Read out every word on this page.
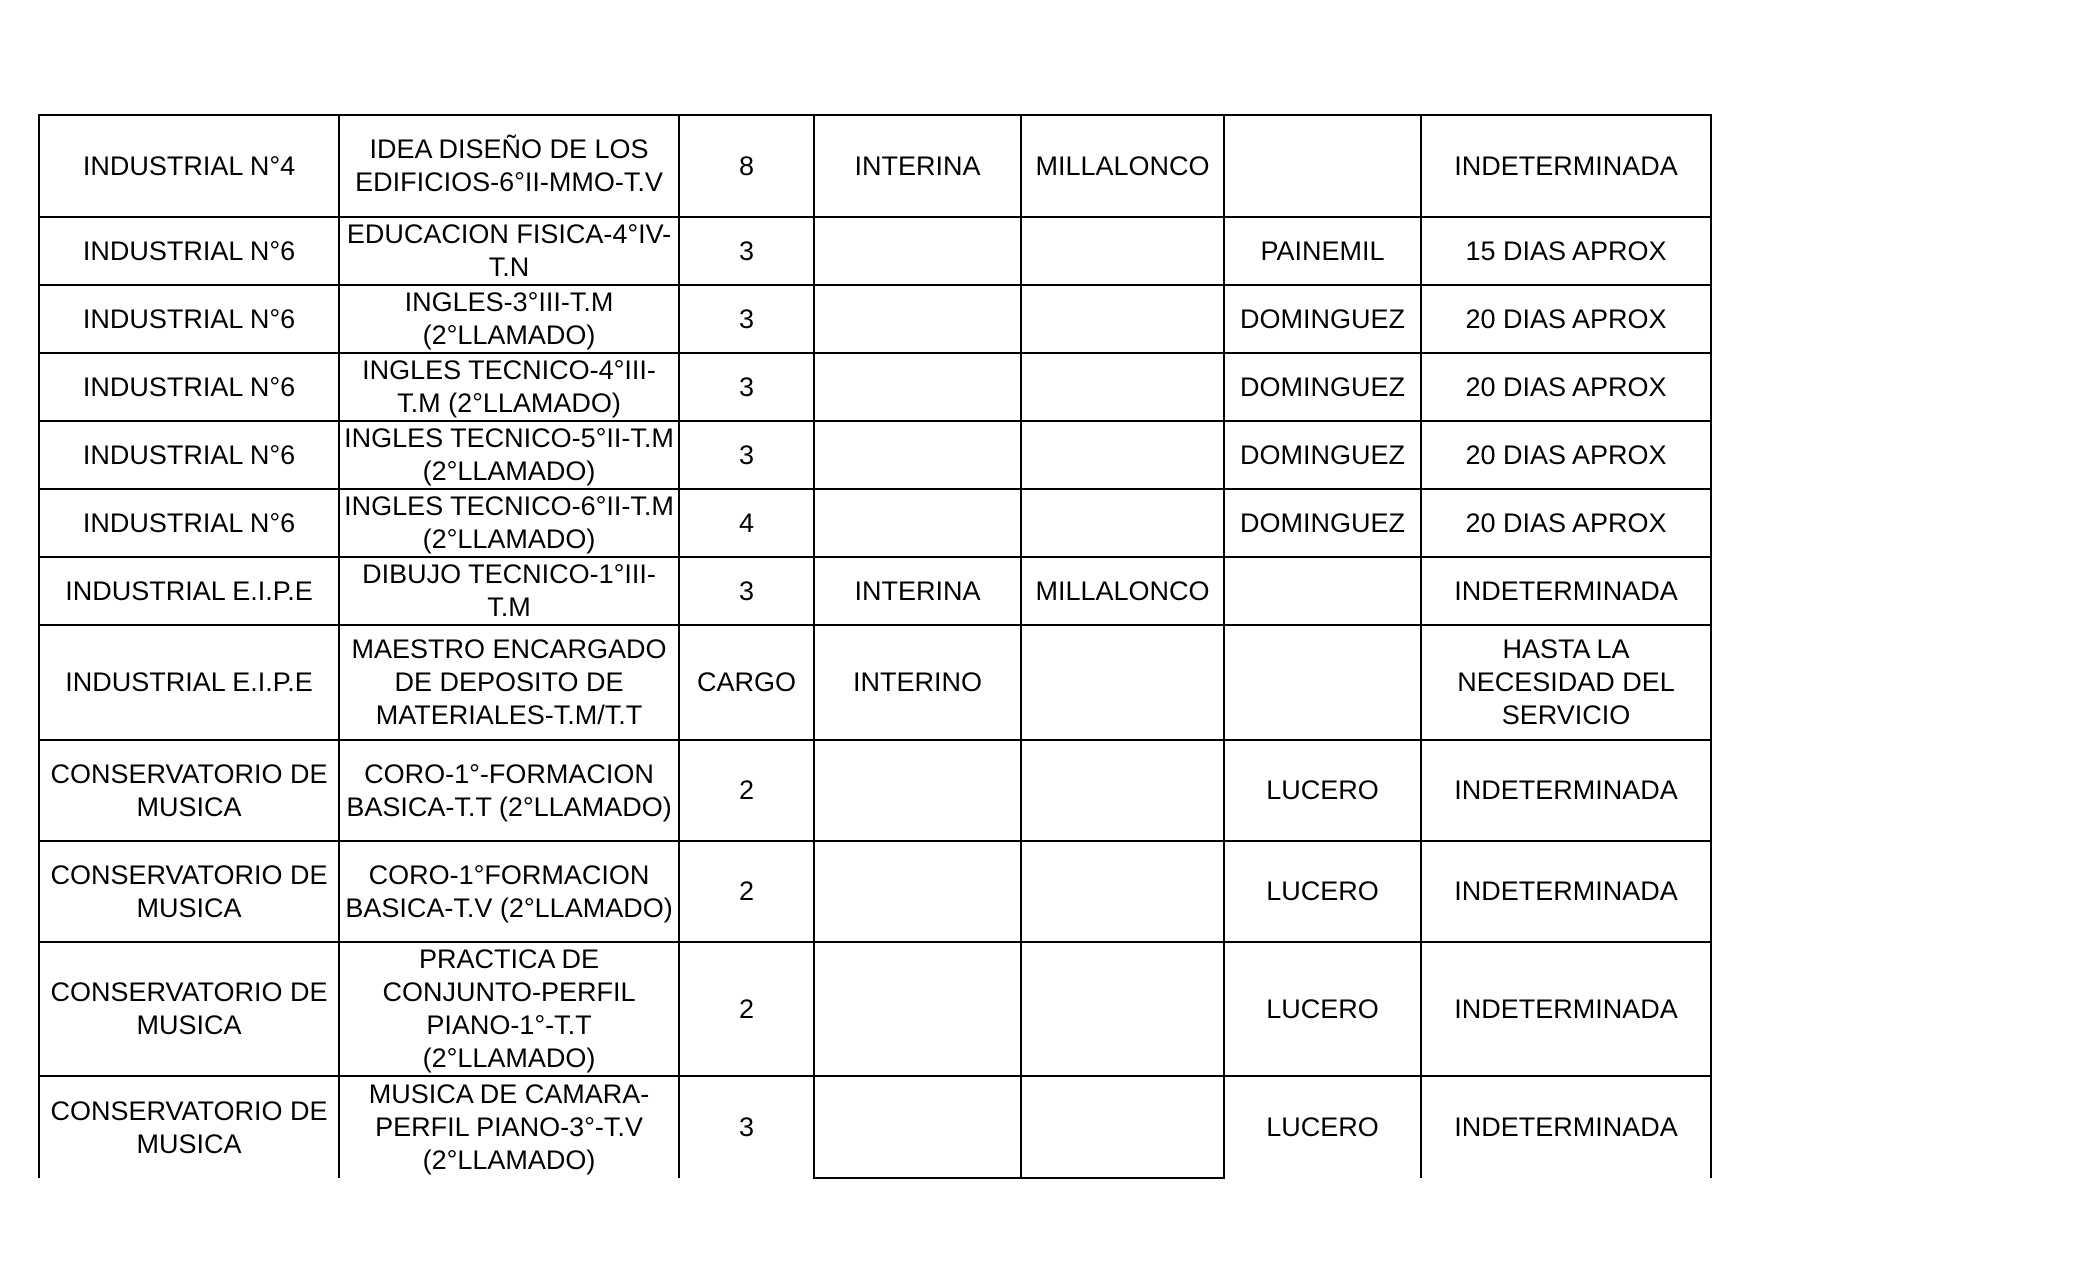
INDUSTRIAL N°4	IDEA DISEÑO DE LOS EDIFICIOS-6°II-MMO-T.V	8	INTERINA	MILLALONCO		INDETERMINADA
INDUSTRIAL N°6	EDUCACION FISICA-4°IV-T.N	3			PAINEMIL	15 DIAS APROX
INDUSTRIAL N°6	INGLES-3°III-T.M (2°LLAMADO)	3			DOMINGUEZ	20 DIAS APROX
INDUSTRIAL N°6	INGLES TECNICO-4°III-T.M (2°LLAMADO)	3			DOMINGUEZ	20 DIAS APROX
INDUSTRIAL N°6	INGLES TECNICO-5°II-T.M (2°LLAMADO)	3			DOMINGUEZ	20 DIAS APROX
INDUSTRIAL N°6	INGLES TECNICO-6°II-T.M (2°LLAMADO)	4			DOMINGUEZ	20 DIAS APROX
INDUSTRIAL E.I.P.E	DIBUJO TECNICO-1°III-T.M	3	INTERINA	MILLALONCO		INDETERMINADA
INDUSTRIAL E.I.P.E	MAESTRO ENCARGADO DE DEPOSITO DE MATERIALES-T.M/T.T	CARGO	INTERINO			HASTA LA NECESIDAD DEL SERVICIO
CONSERVATORIO DE MUSICA	CORO-1°-FORMACION BASICA-T.T (2°LLAMADO)	2			LUCERO	INDETERMINADA
CONSERVATORIO DE MUSICA	CORO-1°FORMACION BASICA-T.V (2°LLAMADO)	2			LUCERO	INDETERMINADA
CONSERVATORIO DE MUSICA	PRACTICA DE CONJUNTO-PERFIL PIANO-1°-T.T (2°LLAMADO)	2			LUCERO	INDETERMINADA
CONSERVATORIO DE MUSICA	MUSICA DE CAMARA-PERFIL PIANO-3°-T.V (2°LLAMADO)	3			LUCERO	INDETERMINADA
